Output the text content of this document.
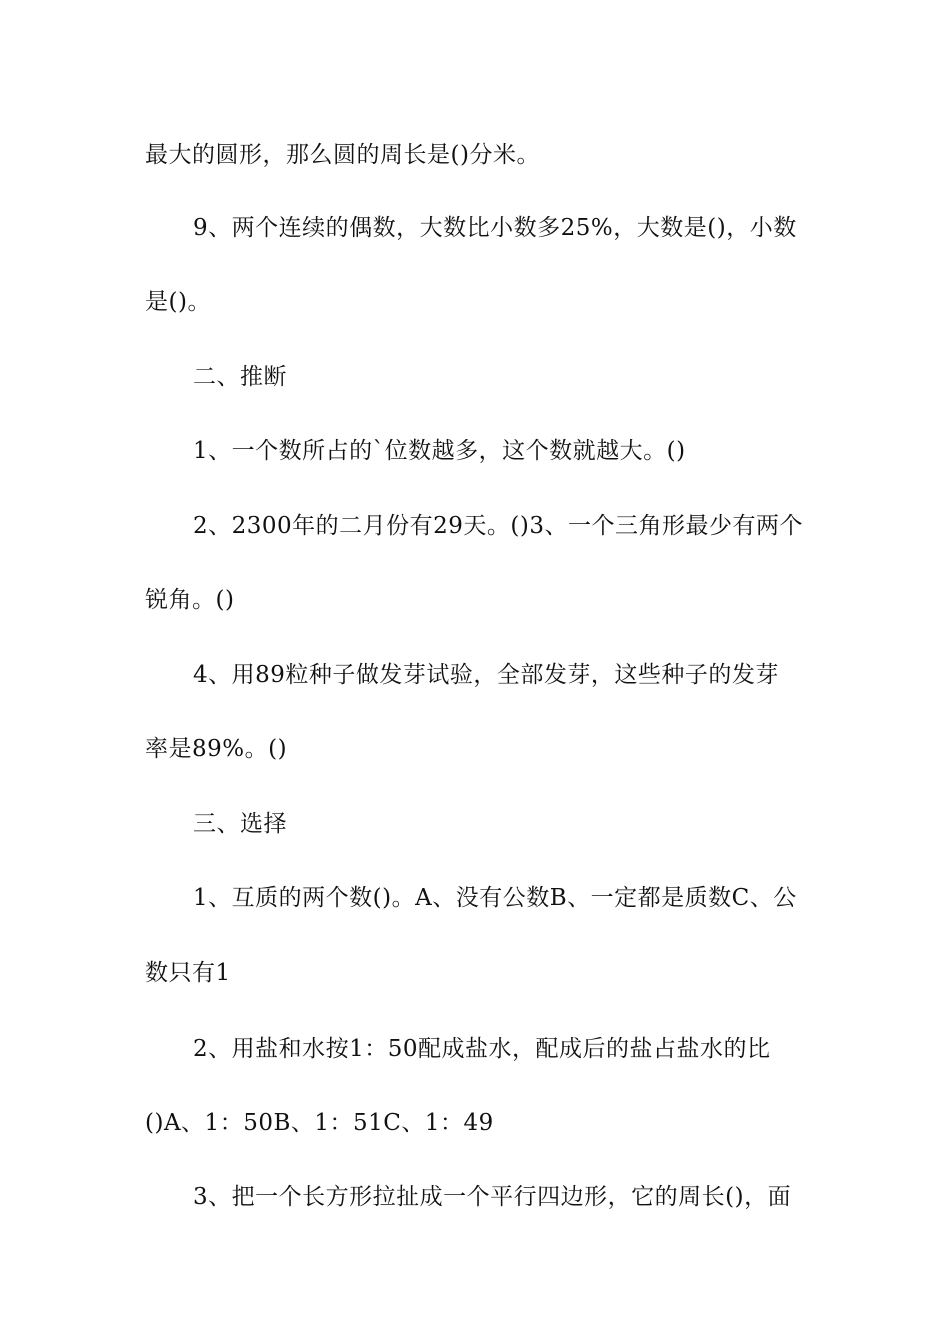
最大的圆形，那么圆的周长是()分米。
9、两个连续的偶数，大数比小数多25%，大数是()，小数
是()。
二、推断
1、一个数所占的`位数越多，这个数就越大。()
2、2300年的二月份有29天。()3、一个三角形最少有两个
锐角。()
4、用89粒种子做发芽试验，全部发芽，这些种子的发芽
率是89%。()
三、选择
1、互质的两个数()。A、没有公数B、一定都是质数C、公
数只有1
2、用盐和水按1：50配成盐水，配成后的盐占盐水的比
()A、1：50B、1：51C、1：49
3、把一个长方形拉扯成一个平行四边形，它的周长()，面
